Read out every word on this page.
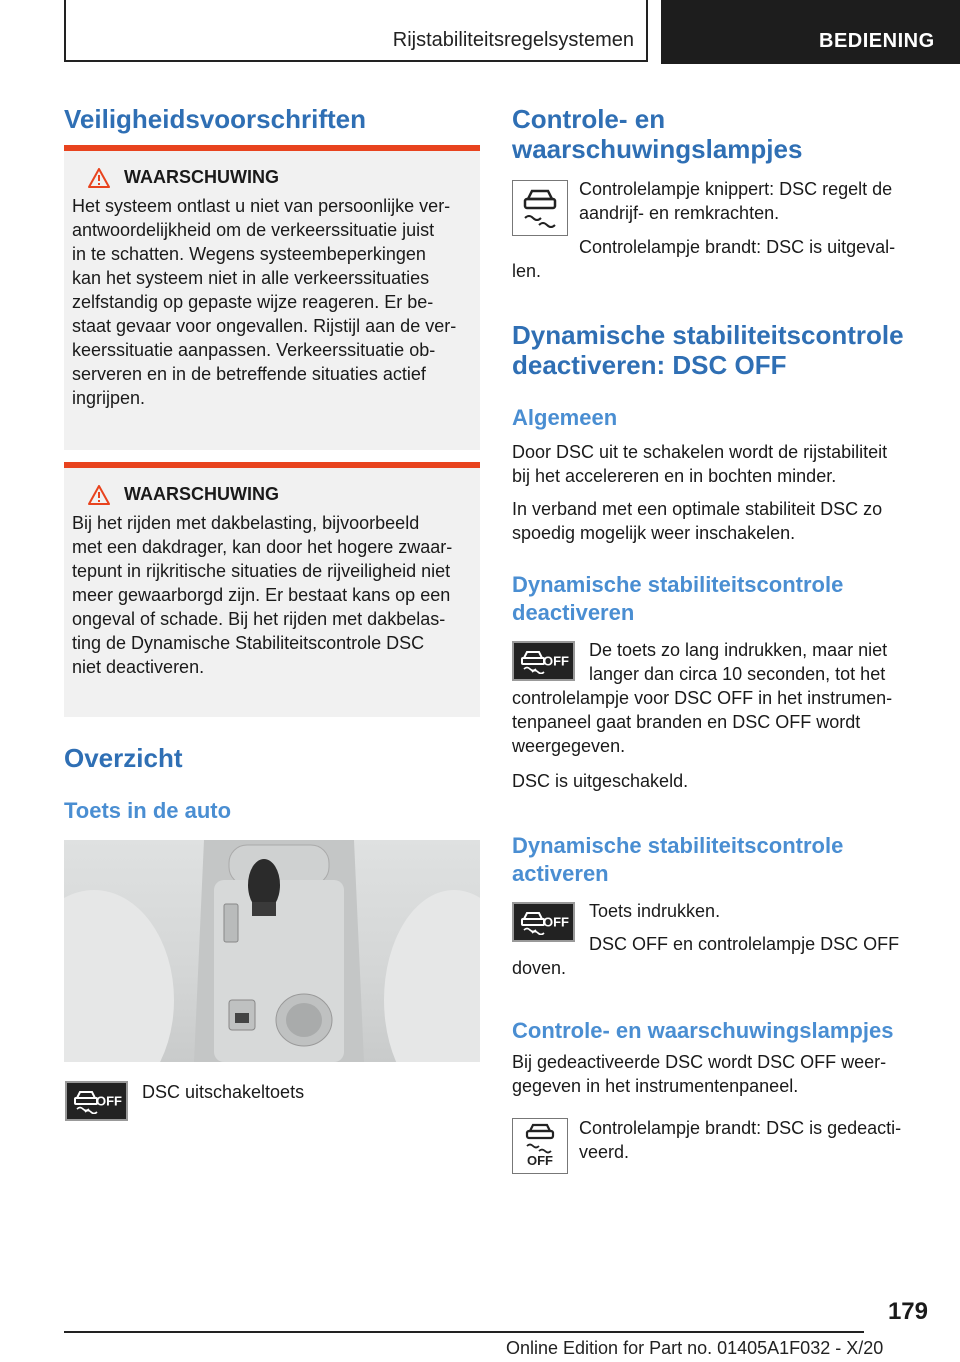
Rijstabiliteitsregelsystemen	BEDIENING
Veiligheidsvoorschriften
WAARSCHUWING

Het systeem ontlast u niet van persoonlijke ver-
antwoordelijkheid om de verkeerssituatie juist
in te schatten. Wegens systeembeperkingen
kan het systeem niet in alle verkeerssituaties
zelfstandig op gepaste wijze reageren. Er be-
staat gevaar voor ongevallen. Rijstijl aan de ver-
keerssituatie aanpassen. Verkeerssituatie ob-
serveren en in de betreffende situaties actief
ingrijpen.

WAARSCHUWING

Bij het rijden met dakbelasting, bijvoorbeeld
met een dakdrager, kan door het hogere zwaar-
tepunt in rijkritische situaties de rijveiligheid niet
meer gewaarborgd zijn. Er bestaat kans op een
ongeval of schade. Bij het rijden met dakbelas-
ting de Dynamische Stabiliteitscontrole DSC
niet deactiveren.

Overzicht
Toets in de auto
OFF DSC uitschakeltoets

Controle- en
waarschuwingslampjes

Controlelampje knippert: DSC regelt de
aandrijf- en remkrachten.

Controlelampje brandt: DSC is uitgeval-

len.

Dynamische stabiliteitscontrole
deactiveren: DSC OFF
Algemeen

Door DSC uit te schakelen wordt de rijstabiliteit
bij het accelereren en in bochten minder.

In verband met een optimale stabiliteit DSC zo
spoedig mogelijk weer inschakelen.

Dynamische stabiliteitscontrole
deactiveren
OFF

De toets zo lang indrukken, maar niet
langer dan circa 10 seconden, tot het

controlelampje voor DSC OFF in het instrumen-
tenpaneel gaat branden en DSC OFF wordt
weergegeven.

DSC is uitgeschakeld.

Dynamische stabiliteitscontrole
activeren
OFF

Toets indrukken.

DSC OFF en controlelampje DSC OFF

doven.

Controle- en waarschuwingslampjes

Bij gedeactiveerde DSC wordt DSC OFF weer-
gegeven in het instrumentenpaneel.

OFF

Controlelampje brandt: DSC is gedeacti-
veerd.

179
Online Edition for Part no. 01405A1F032 - X/20
